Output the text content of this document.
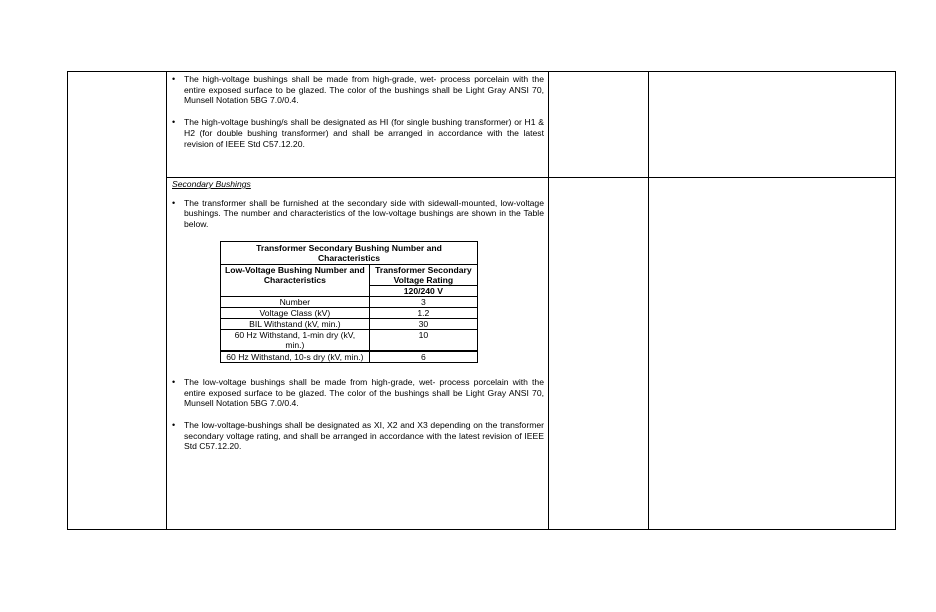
• The high-voltage bushings shall be made from high-grade, wet- process porcelain with the entire exposed surface to be glazed. The color of the bushings shall be Light Gray ANSI 70, Munsell Notation 5BG 7.0/0.4.
• The high-voltage bushing/s shall be designated as HI (for single bushing transformer) or H1 & H2 (for double bushing transformer) and shall be arranged in accordance with the latest revision of IEEE Std C57.12.20.
Secondary Bushings
• The transformer shall be furnished at the secondary side with sidewall-mounted, low-voltage bushings. The number and characteristics of the low-voltage bushings are shown in the Table below.
Transformer Secondary Bushing Number and Characteristics	
Low-Voltage Bushing Number and Characteristics	Transformer Secondary Voltage Rating
	120/240 V
Number	3
Voltage Class (kV)	1.2
BIL Withstand (kV, min.)	30
60 Hz Withstand, 1-min dry (kV, min.)	10
60 Hz Withstand, 10-s dry (kV, min.)	6
• The low-voltage bushings shall be made from high-grade, wet- process porcelain with the entire exposed surface to be glazed. The color of the bushings shall be Light Gray ANSI 70, Munsell Notation 5BG 7.0/0.4.
• The low-voltage-bushings shall be designated as XI, X2 and X3 depending on the transformer secondary voltage rating, and shall be arranged in accordance with the latest revision of IEEE Std C57.12.20.
